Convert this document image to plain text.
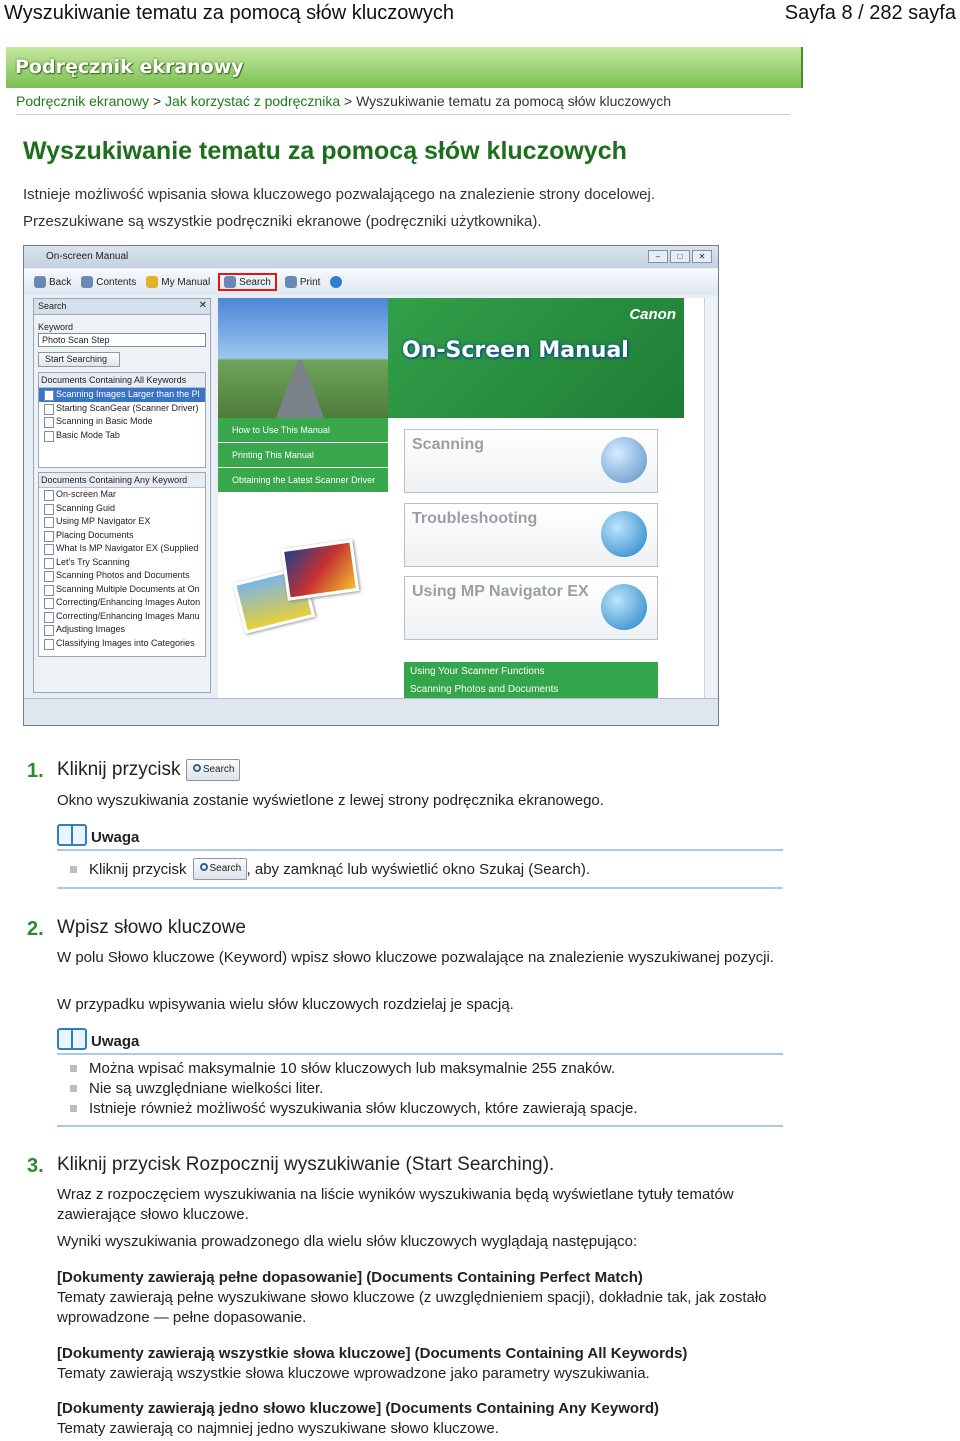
Wyszukiwanie tematu za pomocą słów kluczowych	Sayfa 8 / 282 sayfa
Podręcznik ekranowy
Podręcznik ekranowy > Jak korzystać z podręcznika > Wyszukiwanie tematu za pomocą słów kluczowych
Wyszukiwanie tematu za pomocą słów kluczowych
Istnieje możliwość wpisania słowa kluczowego pozwalającego na znalezienie strony docelowej.
Przeszukiwane są wszystkie podręczniki ekranowe (podręczniki użytkownika).
On-screen Manual	–	□	✕
Back	Contents	My Manual	Search	Print
Search	✕
Keyword
Photo Scan Step
Start Searching
Documents Containing All Keywords
Scanning Images Larger than the Pl
Starting ScanGear (Scanner Driver)
Scanning in Basic Mode
Basic Mode Tab
Documents Containing Any Keyword
On-screen Mar
Scanning Guid
Using MP Navigator EX
Placing Documents
What Is MP Navigator EX (Supplied
Let's Try Scanning
Scanning Photos and Documents
Scanning Multiple Documents at On
Correcting/Enhancing Images Auton
Correcting/Enhancing Images Manu
Adjusting Images
Classifying Images into Categories
Canon
On-Screen Manual
How to Use This Manual
Printing This Manual
Obtaining the Latest Scanner Driver
Scanning
Troubleshooting
Using MP Navigator EX
Using Your Scanner Functions
Scanning Photos and Documents
1. Kliknij przycisk Search
Okno wyszukiwania zostanie wyświetlone z lewej strony podręcznika ekranowego.
Uwaga
Kliknij przycisk	Search , aby zamknąć lub wyświetlić okno Szukaj (Search).
2. Wpisz słowo kluczowe
W polu Słowo kluczowe (Keyword) wpisz słowo kluczowe pozwalające na znalezienie wyszukiwanej pozycji.
W przypadku wpisywania wielu słów kluczowych rozdzielaj je spacją.
Uwaga
Można wpisać maksymalnie 10 słów kluczowych lub maksymalnie 255 znaków.
Nie są uwzględniane wielkości liter.
Istnieje również możliwość wyszukiwania słów kluczowych, które zawierają spacje.
3. Kliknij przycisk Rozpocznij wyszukiwanie (Start Searching).
Wraz z rozpoczęciem wyszukiwania na liście wyników wyszukiwania będą wyświetlane tytuły tematów zawierające słowo kluczowe.
Wyniki wyszukiwania prowadzonego dla wielu słów kluczowych wyglądają następująco:
[Dokumenty zawierają pełne dopasowanie] (Documents Containing Perfect Match)
Tematy zawierają pełne wyszukiwane słowo kluczowe (z uwzględnieniem spacji), dokładnie tak, jak zostało wprowadzone — pełne dopasowanie.
[Dokumenty zawierają wszystkie słowa kluczowe] (Documents Containing All Keywords)
Tematy zawierają wszystkie słowa kluczowe wprowadzone jako parametry wyszukiwania.
[Dokumenty zawierają jedno słowo kluczowe] (Documents Containing Any Keyword)
Tematy zawierają co najmniej jedno wyszukiwane słowo kluczowe.
